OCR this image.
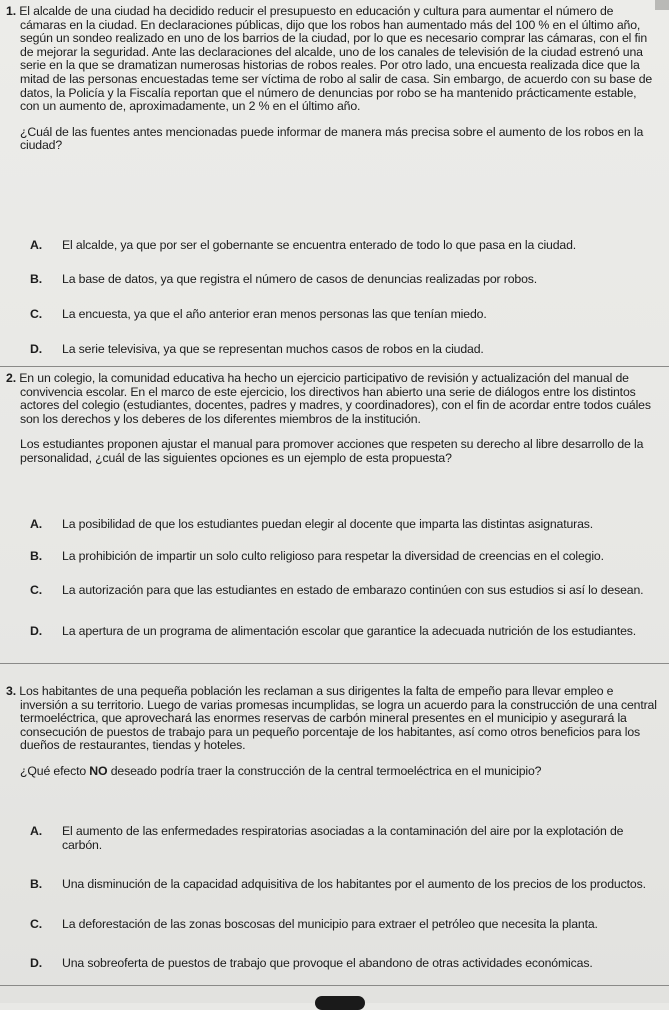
1. El alcalde de una ciudad ha decidido reducir el presupuesto en educación y cultura para aumentar el número de cámaras en la ciudad. En declaraciones públicas, dijo que los robos han aumentado más del 100 % en el último año, según un sondeo realizado en uno de los barrios de la ciudad, por lo que es necesario comprar las cámaras, con el fin de mejorar la seguridad. Ante las declaraciones del alcalde, uno de los canales de televisión de la ciudad estrenó una serie en la que se dramatizan numerosas historias de robos reales. Por otro lado, una encuesta realizada dice que la mitad de las personas encuestadas teme ser víctima de robo al salir de casa. Sin embargo, de acuerdo con su base de datos, la Policía y la Fiscalía reportan que el número de denuncias por robo se ha mantenido prácticamente estable, con un aumento de, aproximadamente, un 2 % en el último año.

¿Cuál de las fuentes antes mencionadas puede informar de manera más precisa sobre el aumento de los robos en la ciudad?

A.	El alcalde, ya que por ser el gobernante se encuentra enterado de todo lo que pasa en la ciudad.
B.	La base de datos, ya que registra el número de casos de denuncias realizadas por robos.
C.	La encuesta, ya que el año anterior eran menos personas las que tenían miedo.
D.	La serie televisiva, ya que se representan muchos casos de robos en la ciudad.

2. En un colegio, la comunidad educativa ha hecho un ejercicio participativo de revisión y actualización del manual de convivencia escolar. En el marco de este ejercicio, los directivos han abierto una serie de diálogos entre los distintos actores del colegio (estudiantes, docentes, padres y madres, y coordinadores), con el fin de acordar entre todos cuáles son los derechos y los deberes de los diferentes miembros de la institución.

Los estudiantes proponen ajustar el manual para promover acciones que respeten su derecho al libre desarrollo de la personalidad, ¿cuál de las siguientes opciones es un ejemplo de esta propuesta?

A.	La posibilidad de que los estudiantes puedan elegir al docente que imparta las distintas asignaturas.
B.	La prohibición de impartir un solo culto religioso para respetar la diversidad de creencias en el colegio.
C.	La autorización para que las estudiantes en estado de embarazo continúen con sus estudios si así lo desean.
D.	La apertura de un programa de alimentación escolar que garantice la adecuada nutrición de los estudiantes.

3. Los habitantes de una pequeña población les reclaman a sus dirigentes la falta de empeño para llevar empleo e inversión a su territorio. Luego de varias promesas incumplidas, se logra un acuerdo para la construcción de una central termoeléctrica, que aprovechará las enormes reservas de carbón mineral presentes en el municipio y asegurará la consecución de puestos de trabajo para un pequeño porcentaje de los habitantes, así como otros beneficios para los dueños de restaurantes, tiendas y hoteles.

¿Qué efecto NO deseado podría traer la construcción de la central termoeléctrica en el municipio?

A.	El aumento de las enfermedades respiratorias asociadas a la contaminación del aire por la explotación de carbón.
B.	Una disminución de la capacidad adquisitiva de los habitantes por el aumento de los precios de los productos.
C.	La deforestación de las zonas boscosas del municipio para extraer el petróleo que necesita la planta.
D.	Una sobreoferta de puestos de trabajo que provoque el abandono de otras actividades económicas.
